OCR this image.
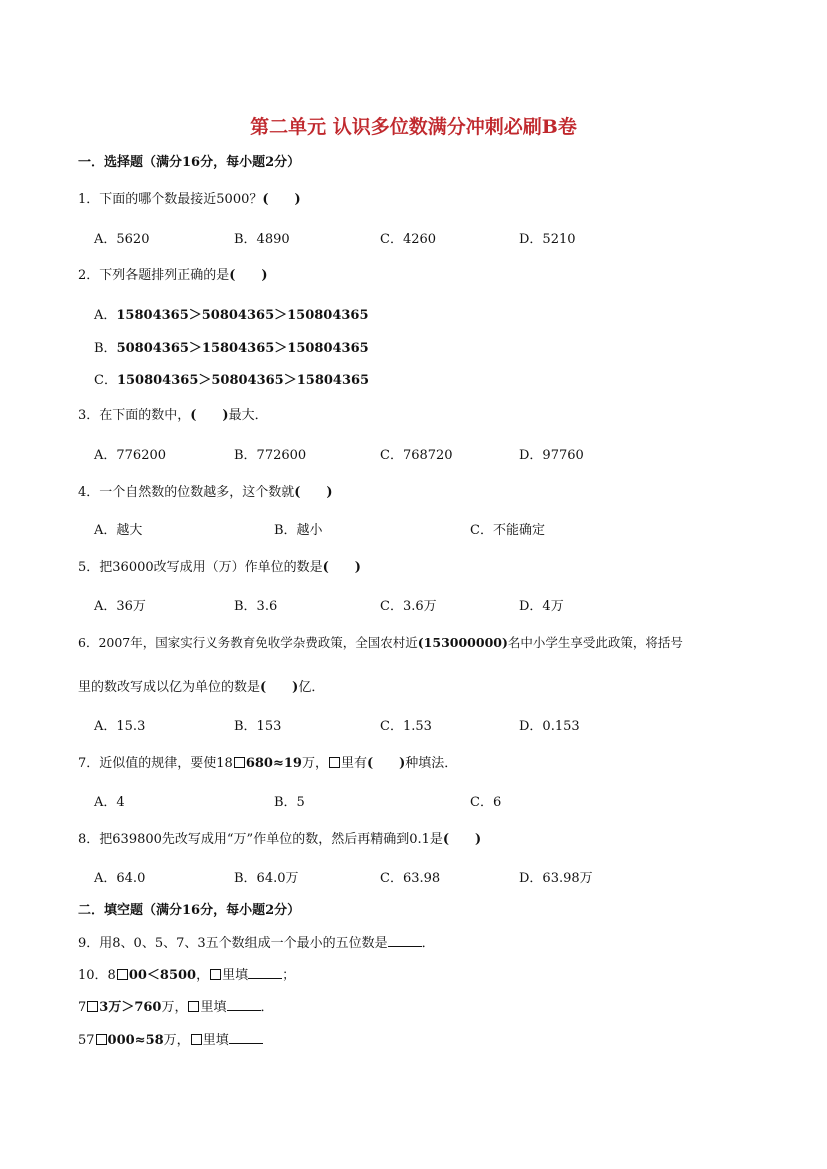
第二单元 认识多位数满分冲刺必刷B卷
一．选择题（满分16分，每小题2分）
1．下面的哪个数最接近5000？(　　)
A．5620	B．4890	C．4260	D．5210
2．下列各题排列正确的是(　　)
A．15804365＞50804365＞150804365
B．50804365＞15804365＞150804365
C．150804365＞50804365＞15804365
3．在下面的数中，(　　)最大．
A．776200	B．772600	C．768720	D．97760
4．一个自然数的位数越多，这个数就(　　)
A．越大	B．越小	C．不能确定
5．把36000改写成用（万）作单位的数是(　　)
A．36万	B．3.6	C．3.6万	D．4万
6．2007年，国家实行义务教育免收学杂费政策，全国农村近(153000000)名中小学生享受此政策，将括号
里的数改写成以亿为单位的数是(　　)亿．
A．15.3	B．153	C．1.53	D．0.153
7．近似值的规律，要使18 680≈19万， 里有(　　)种填法．
A．4	B．5	C．6
8．把639800先改写成用“万”作单位的数，然后再精确到0.1是(　　)
A．64.0	B．64.0万	C．63.98	D．63.98万
二．填空题（满分16分，每小题2分）
9．用8、0、5、7、3五个数组成一个最小的五位数是	．
10．8 00＜8500， 里填	；
7 3万＞760万， 里填	．
57 000≈58万， 里填
